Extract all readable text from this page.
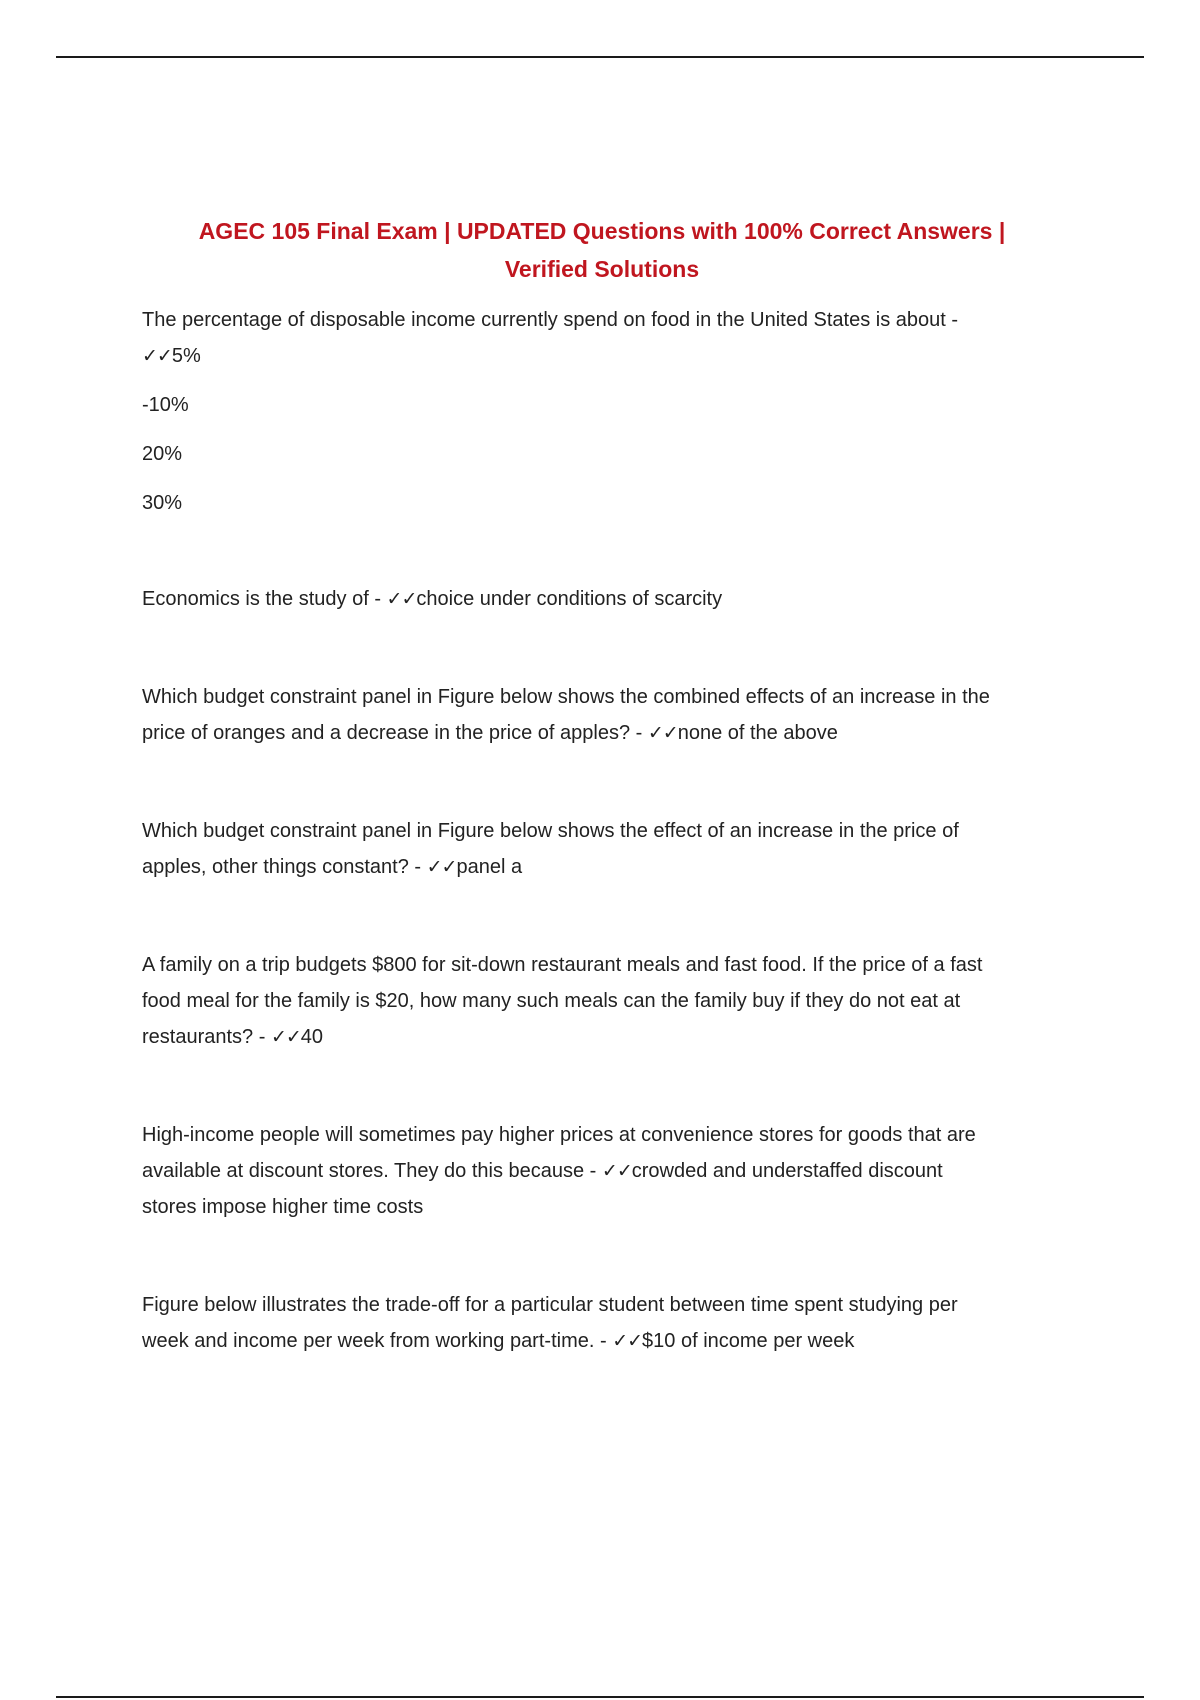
AGEC 105 Final Exam | UPDATED Questions with 100% Correct Answers |
Verified Solutions
The percentage of disposable income currently spend on food in the United States is about -
✓✓5%
-10%
20%
30%
Economics is the study of - ✓✓choice under conditions of scarcity
Which budget constraint panel in Figure below shows the combined effects of an increase in the
price of oranges and a decrease in the price of apples? - ✓✓none of the above
Which budget constraint panel in Figure below shows the effect of an increase in the price of
apples, other things constant? - ✓✓panel a
A family on a trip budgets $800 for sit-down restaurant meals and fast food. If the price of a fast
food meal for the family is $20, how many such meals can the family buy if they do not eat at
restaurants? - ✓✓40
High-income people will sometimes pay higher prices at convenience stores for goods that are
available at discount stores. They do this because - ✓✓crowded and understaffed discount
stores impose higher time costs
Figure below illustrates the trade-off for a particular student between time spent studying per
week and income per week from working part-time. - ✓✓$10 of income per week
